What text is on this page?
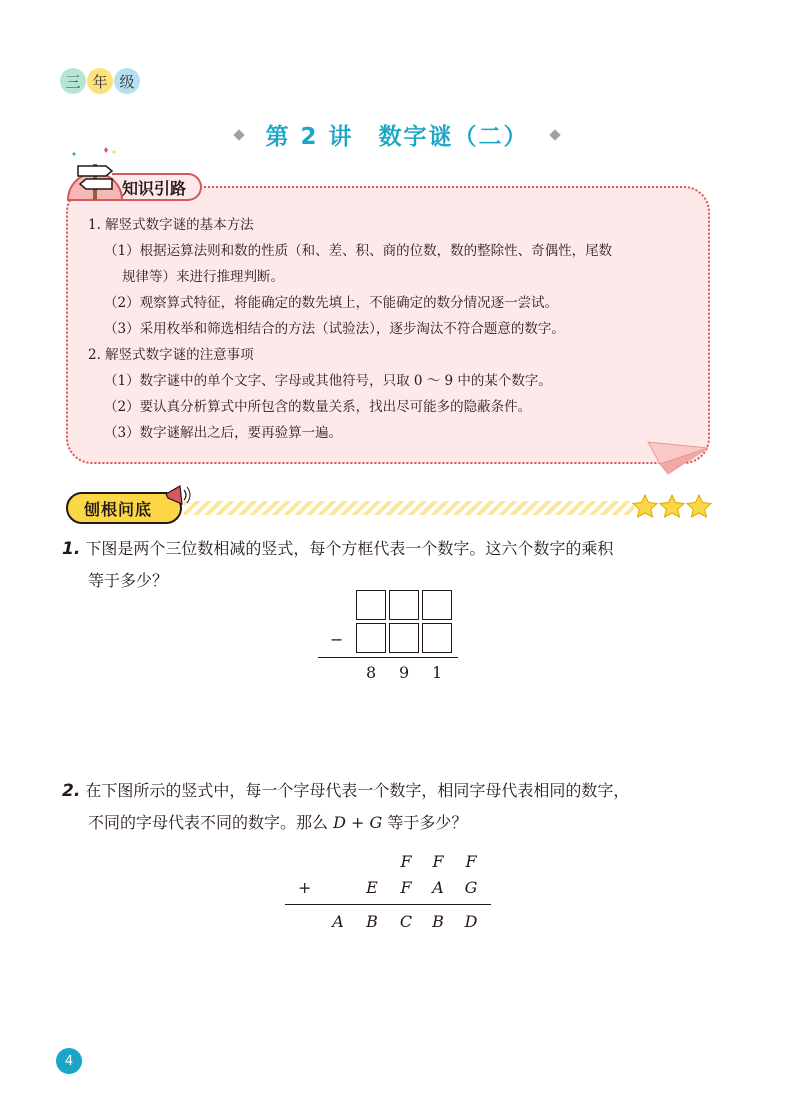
三 年 级
第 2 讲　数字谜（二）
知识引路

1. 解竖式数字谜的基本方法

（1）根据运算法则和数的性质（和、差、积、商的位数，数的整除性、奇偶性，尾数

规律等）来进行推理判断。

（2）观察算式特征，将能确定的数先填上，不能确定的数分情况逐一尝试。

（3）采用枚举和筛选相结合的方法（试验法），逐步淘汰不符合题意的数字。

2. 解竖式数字谜的注意事项

（1）数字谜中的单个文字、字母或其他符号，只取 0 ～ 9 中的某个数字。

（2）要认真分析算式中所包含的数量关系，找出尽可能多的隐蔽条件。

（3）数字谜解出之后，要再验算一遍。

刨根问底

1. 下图是两个三位数相减的竖式，每个方框代表一个数字。这六个数字的乘积

等于多少？

−
8 9 1

2. 在下图所示的竖式中，每一个字母代表一个数字，相同字母代表相同的数字，

不同的字母代表不同的数字。那么 D + G 等于多少？

F F F
+	E F A G
A B C B D
4
